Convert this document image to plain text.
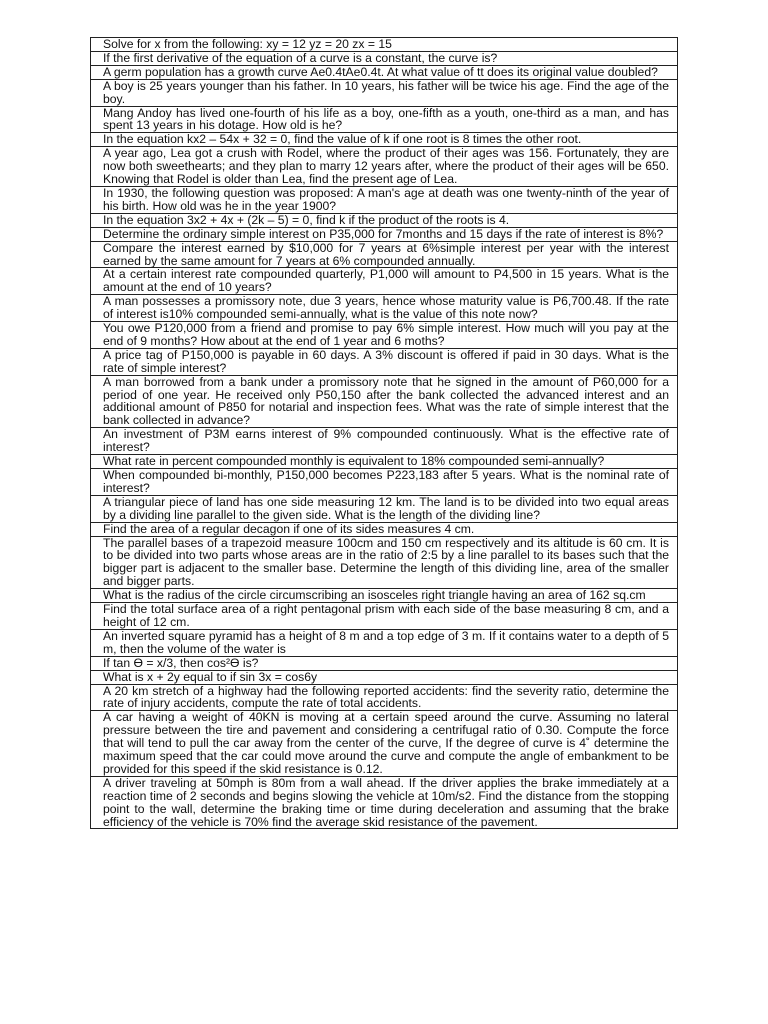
Solve for x from the following: xy = 12 yz = 20 zx = 15

If the first derivative of the equation of a curve is a constant, the curve is?

A germ population has a growth curve Ae0.4tAe0.4t. At what value of tt does its original value doubled?

A boy is 25 years younger than his father. In 10 years, his father will be twice his age. Find the age of the boy.

Mang Andoy has lived one-fourth of his life as a boy, one-fifth as a youth, one-third as a man, and has spent 13 years in his dotage. How old is he?

In the equation kx2 – 54x + 32 = 0, find the value of k if one root is 8 times the other root.

A year ago, Lea got a crush with Rodel, where the product of their ages was 156. Fortunately, they are now both sweethearts; and they plan to marry 12 years after, where the product of their ages will be 650. Knowing that Rodel is older than Lea, find the present age of Lea.

In 1930, the following question was proposed: A man's age at death was one twenty-ninth of the year of his birth. How old was he in the year 1900?

In the equation 3x2 + 4x + (2k – 5) = 0, find k if the product of the roots is 4.

Determine the ordinary simple interest on P35,000 for 7months and 15 days if the rate of interest is 8%?

Compare the interest earned by $10,000 for 7 years at 6%simple interest per year with the interest earned by the same amount for 7 years at 6% compounded annually.

At a certain interest rate compounded quarterly, P1,000 will amount to P4,500 in 15 years. What is the amount at the end of 10 years?

A man possesses a promissory note, due 3 years, hence whose maturity value is P6,700.48. If the rate of interest is10% compounded semi-annually, what is the value of this note now?

You owe P120,000 from a friend and promise to pay 6% simple interest. How much will you pay at the end of 9 months? How about at the end of 1 year and 6 moths?

A price tag of P150,000 is payable in 60 days. A 3% discount is offered if paid in 30 days. What is the rate of simple interest?

A man borrowed from a bank under a promissory note that he signed in the amount of P60,000 for a period of one year. He received only P50,150 after the bank collected the advanced interest and an additional amount of P850 for notarial and inspection fees. What was the rate of simple interest that the bank collected in advance?

An investment of P3M earns interest of 9% compounded continuously. What is the effective rate of interest?

What rate in percent compounded monthly is equivalent to 18% compounded semi-annually?

When compounded bi-monthly, P150,000 becomes P223,183 after 5 years. What is the nominal rate of interest?

A triangular piece of land has one side measuring 12 km. The land is to be divided into two equal areas by a dividing line parallel to the given side. What is the length of the dividing line?

Find the area of a regular decagon if one of its sides measures 4 cm.

The parallel bases of a trapezoid measure 100cm and 150 cm respectively and its altitude is 60 cm. It is to be divided into two parts whose areas are in the ratio of 2:5 by a line parallel to its bases such that the bigger part is adjacent to the smaller base. Determine the length of this dividing line, area of the smaller and bigger parts.

What is the radius of the circle circumscribing an isosceles right triangle having an area of 162 sq.cm

Find the total surface area of a right pentagonal prism with each side of the base measuring 8 cm, and a height of 12 cm.

An inverted square pyramid has a height of 8 m and a top edge of 3 m. If it contains water to a depth of 5 m, then the volume of the water is

If tan ϴ = x/3, then cos²ϴ is?

What is x + 2y equal to if sin 3x = cos6y

A 20 km stretch of a highway had the following reported accidents: find the severity ratio, determine the rate of injury accidents, compute the rate of total accidents.

A car having a weight of 40KN is moving at a certain speed around the curve. Assuming no lateral pressure between the tire and pavement and considering a centrifugal ratio of 0.30. Compute the force that will tend to pull the car away from the center of the curve, If the degree of curve is 4˚ determine the maximum speed that the car could move around the curve and compute the angle of embankment to be provided for this speed if the skid resistance is 0.12.

A driver traveling at 50mph is 80m from a wall ahead. If the driver applies the brake immediately at a reaction time of 2 seconds and begins slowing the vehicle at 10m/s2. Find the distance from the stopping point to the wall, determine the braking time or time during deceleration and assuming that the brake efficiency of the vehicle is 70% find the average skid resistance of the pavement.
